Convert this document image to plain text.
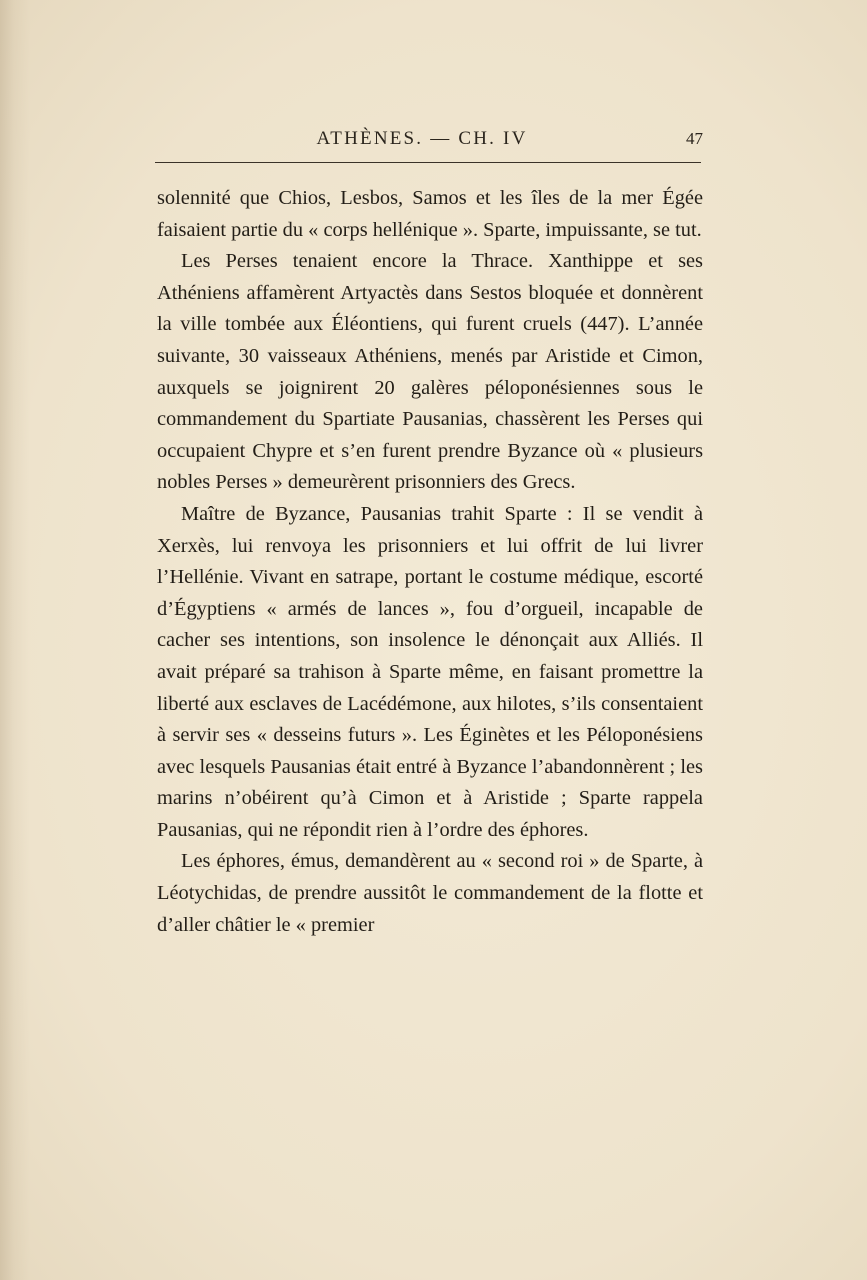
ATHÈNES. — CH. IV	47

solennité que Chios, Lesbos, Samos et les îles de la mer Égée faisaient partie du « corps hellénique ». Sparte, impuissante, se tut.

Les Perses tenaient encore la Thrace. Xanthippe et ses Athéniens affamèrent Artyactès dans Sestos bloquée et donnèrent la ville tombée aux Éléontiens, qui furent cruels (447). L’année suivante, 30 vaisseaux Athéniens, menés par Aristide et Cimon, auxquels se joignirent 20 galères péloponésiennes sous le commandement du Spartiate Pausanias, chassèrent les Perses qui occupaient Chypre et s’en furent prendre Byzance où « plusieurs nobles Perses » demeurèrent prisonniers des Grecs.

Maître de Byzance, Pausanias trahit Sparte : Il se vendit à Xerxès, lui renvoya les prisonniers et lui offrit de lui livrer l’Hellénie. Vivant en satrape, portant le costume médique, escorté d’Égyptiens « armés de lances », fou d’orgueil, incapable de cacher ses intentions, son insolence le dénonçait aux Alliés. Il avait préparé sa trahison à Sparte même, en faisant promettre la liberté aux esclaves de Lacédémone, aux hilotes, s’ils consentaient à servir ses « desseins futurs ». Les Éginètes et les Péloponésiens avec lesquels Pausanias était entré à Byzance l’abandonnèrent ; les marins n’obéirent qu’à Cimon et à Aristide ; Sparte rappela Pausanias, qui ne répondit rien à l’ordre des éphores.

Les éphores, émus, demandèrent au « second roi » de Sparte, à Léotychidas, de prendre aussitôt le commandement de la flotte et d’aller châtier le « premier
